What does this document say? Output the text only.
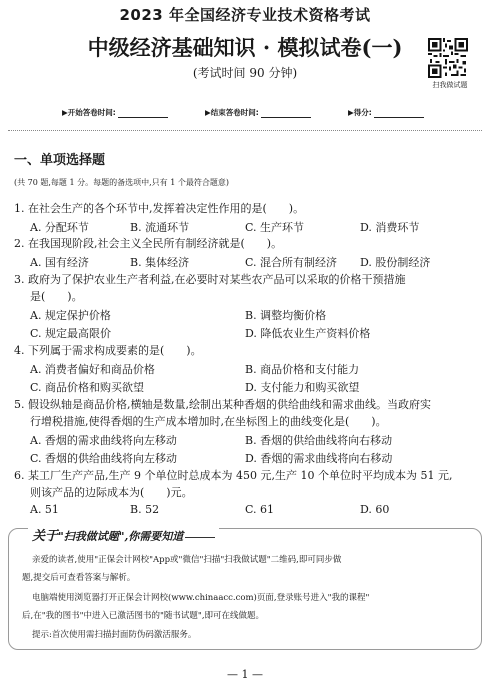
2023 年全国经济专业技术资格考试
中级经济基础知识 · 模拟试卷(一)
(考试时间 90 分钟)
扫我做试题
▶开始答卷时间:	▶结束答卷时间:	▶得分:
一、单项选择题
(共 70 题,每题 1 分。每题的备选项中,只有 1 个最符合题意)
1. 在社会生产的各个环节中,发挥着决定性作用的是(　　)。
A. 分配环节	B. 流通环节	C. 生产环节	D. 消费环节
2. 在我国现阶段,社会主义全民所有制经济就是(　　)。
A. 国有经济	B. 集体经济	C. 混合所有制经济 D. 股份制经济
3. 政府为了保护农业生产者利益,在必要时对某些农产品可以采取的价格干预措施
是(　　)。
A. 规定保护价格	B. 调整均衡价格
C. 规定最高限价	D. 降低农业生产资料价格
4. 下列属于需求构成要素的是(　　)。
A. 消费者偏好和商品价格	B. 商品价格和支付能力
C. 商品价格和购买欲望	D. 支付能力和购买欲望
5. 假设纵轴是商品价格,横轴是数量,绘制出某种香烟的供给曲线和需求曲线。当政府实
行增税措施,使得香烟的生产成本增加时,在坐标图上的曲线变化是(　　)。
A. 香烟的需求曲线将向左移动	B. 香烟的供给曲线将向右移动
C. 香烟的供给曲线将向左移动	D. 香烟的需求曲线将向右移动
6. 某工厂生产产品,生产 9 个单位时总成本为 450 元,生产 10 个单位时平均成本为 51 元,
则该产品的边际成本为(　　)元。
A. 51	B. 52	C. 61	D. 60
关于"扫我做试题",你需要知道
亲爱的读者,使用"正保会计网校"App或"微信"扫描"扫我做试题"二维码,即可同步做
题,提交后可查看答案与解析。
电脑端使用浏览器打开正保会计网校(www.chinaacc.com)页面,登录账号进入"我的课程"
后,在"我的图书"中进入已激活图书的"随书试题",即可在线做题。
提示:首次使用需扫描封面防伪码激活服务。
— 1 —
